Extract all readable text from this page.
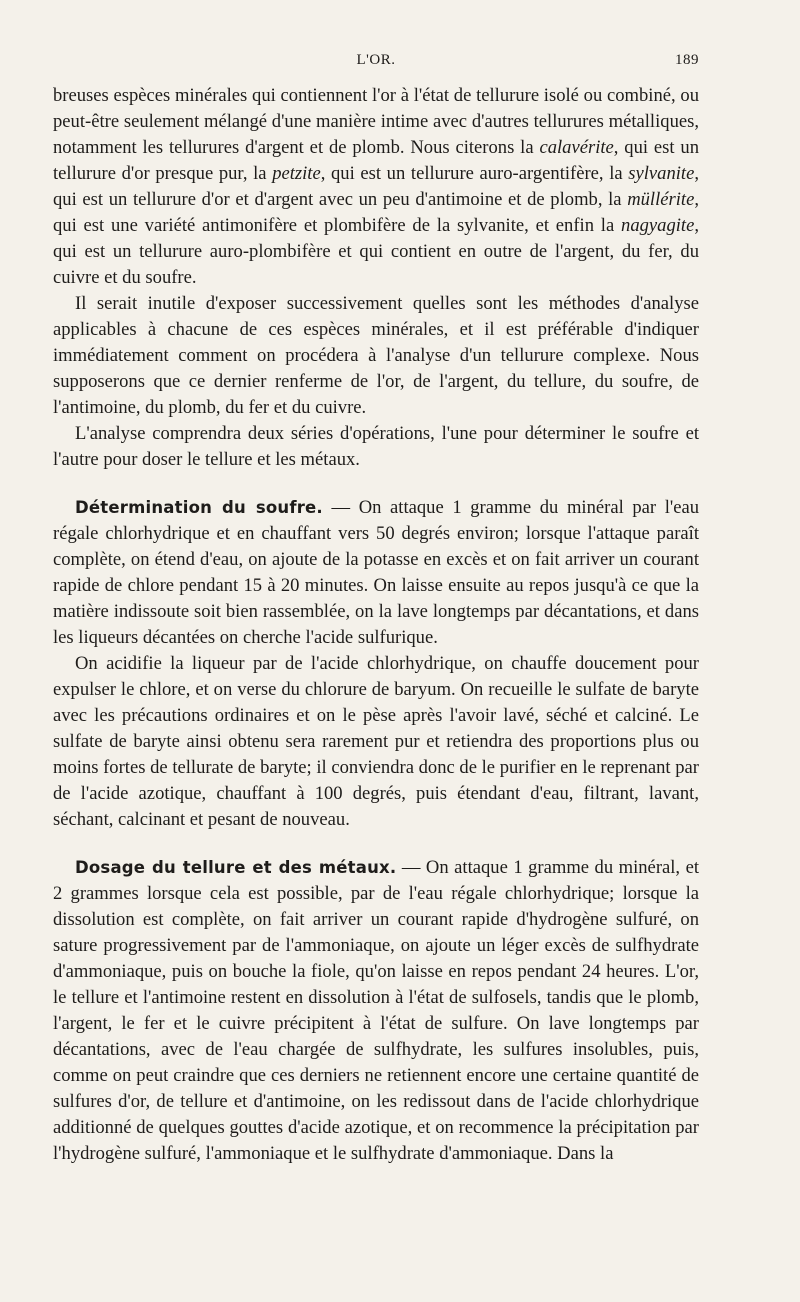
L'OR.	189

breuses espèces minérales qui contiennent l'or à l'état de tellurure isolé ou combiné, ou peut-être seulement mélangé d'une manière intime avec d'autres tellurures métalliques, notamment les tellurures d'argent et de plomb. Nous citerons la calavérite, qui est un tellurure d'or presque pur, la petzite, qui est un tellurure auro-argentifère, la sylvanite, qui est un tellurure d'or et d'argent avec un peu d'antimoine et de plomb, la müllérite, qui est une variété antimonifère et plombifère de la sylvanite, et enfin la nagyagite, qui est un tellurure auro-plombifère et qui contient en outre de l'argent, du fer, du cuivre et du soufre.

Il serait inutile d'exposer successivement quelles sont les méthodes d'analyse applicables à chacune de ces espèces minérales, et il est préférable d'indiquer immédiatement comment on procédera à l'analyse d'un tellurure complexe. Nous supposerons que ce dernier renferme de l'or, de l'argent, du tellure, du soufre, de l'antimoine, du plomb, du fer et du cuivre.

L'analyse comprendra deux séries d'opérations, l'une pour déterminer le soufre et l'autre pour doser le tellure et les métaux.

Détermination du soufre. — On attaque 1 gramme du minéral par l'eau régale chlorhydrique et en chauffant vers 50 degrés environ; lorsque l'attaque paraît complète, on étend d'eau, on ajoute de la potasse en excès et on fait arriver un courant rapide de chlore pendant 15 à 20 minutes. On laisse ensuite au repos jusqu'à ce que la matière indissoute soit bien rassemblée, on la lave longtemps par décantations, et dans les liqueurs décantées on cherche l'acide sulfurique.

On acidifie la liqueur par de l'acide chlorhydrique, on chauffe doucement pour expulser le chlore, et on verse du chlorure de baryum. On recueille le sulfate de baryte avec les précautions ordinaires et on le pèse après l'avoir lavé, séché et calciné. Le sulfate de baryte ainsi obtenu sera rarement pur et retiendra des proportions plus ou moins fortes de tellurate de baryte; il conviendra donc de le purifier en le reprenant par de l'acide azotique, chauffant à 100 degrés, puis étendant d'eau, filtrant, lavant, séchant, calcinant et pesant de nouveau.

Dosage du tellure et des métaux. — On attaque 1 gramme du minéral, et 2 grammes lorsque cela est possible, par de l'eau régale chlorhydrique; lorsque la dissolution est complète, on fait arriver un courant rapide d'hydrogène sulfuré, on sature progressivement par de l'ammoniaque, on ajoute un léger excès de sulfhydrate d'ammoniaque, puis on bouche la fiole, qu'on laisse en repos pendant 24 heures. L'or, le tellure et l'antimoine restent en dissolution à l'état de sulfosels, tandis que le plomb, l'argent, le fer et le cuivre précipitent à l'état de sulfure. On lave longtemps par décantations, avec de l'eau chargée de sulfhydrate, les sulfures insolubles, puis, comme on peut craindre que ces derniers ne retiennent encore une certaine quantité de sulfures d'or, de tellure et d'antimoine, on les redissout dans de l'acide chlorhydrique additionné de quelques gouttes d'acide azotique, et on recommence la précipitation par l'hydrogène sulfuré, l'ammoniaque et le sulfhydrate d'ammoniaque. Dans la
